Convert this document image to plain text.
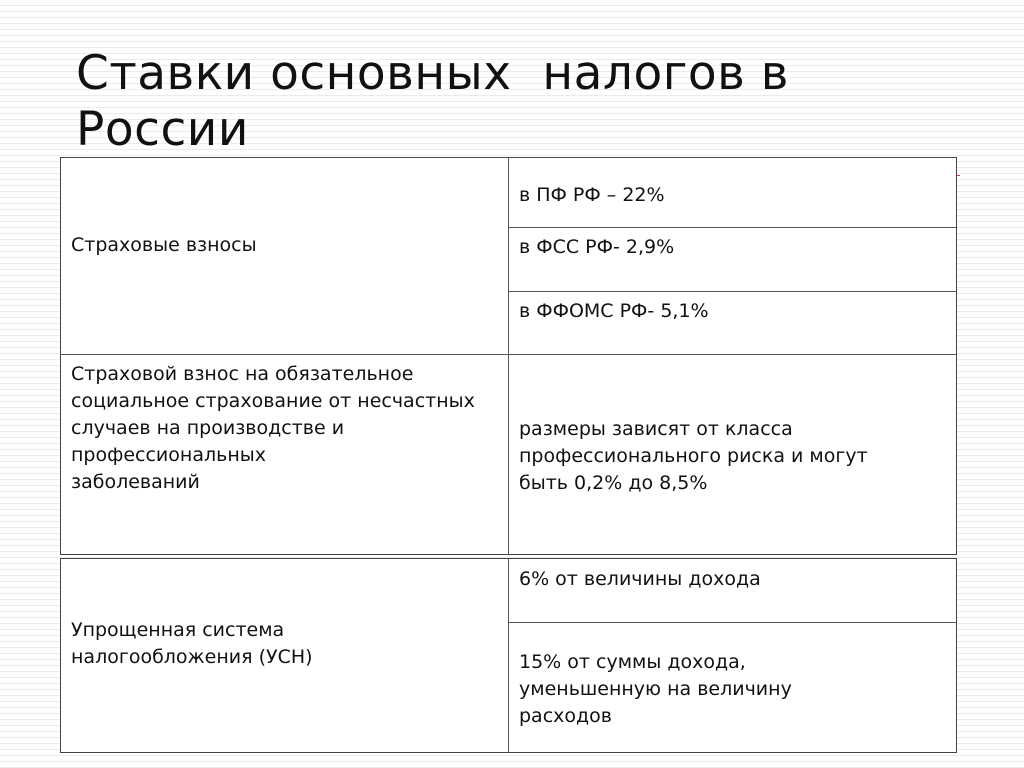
Ставки основных  налогов в России
Страховые взносы
в ПФ РФ – 22%
в ФСС РФ- 2,9%
в ФФОМС РФ- 5,1%
Страховой взнос на обязательное социальное страхование от несчастных
случаев на производстве и профессиональных
заболеваний
размеры зависят от класса профессионального риска и могут быть 0,2% до 8,5%
Упрощенная система налогообложения (УСН)
6% от величины дохода
15% от суммы дохода, уменьшенную на величину расходов
